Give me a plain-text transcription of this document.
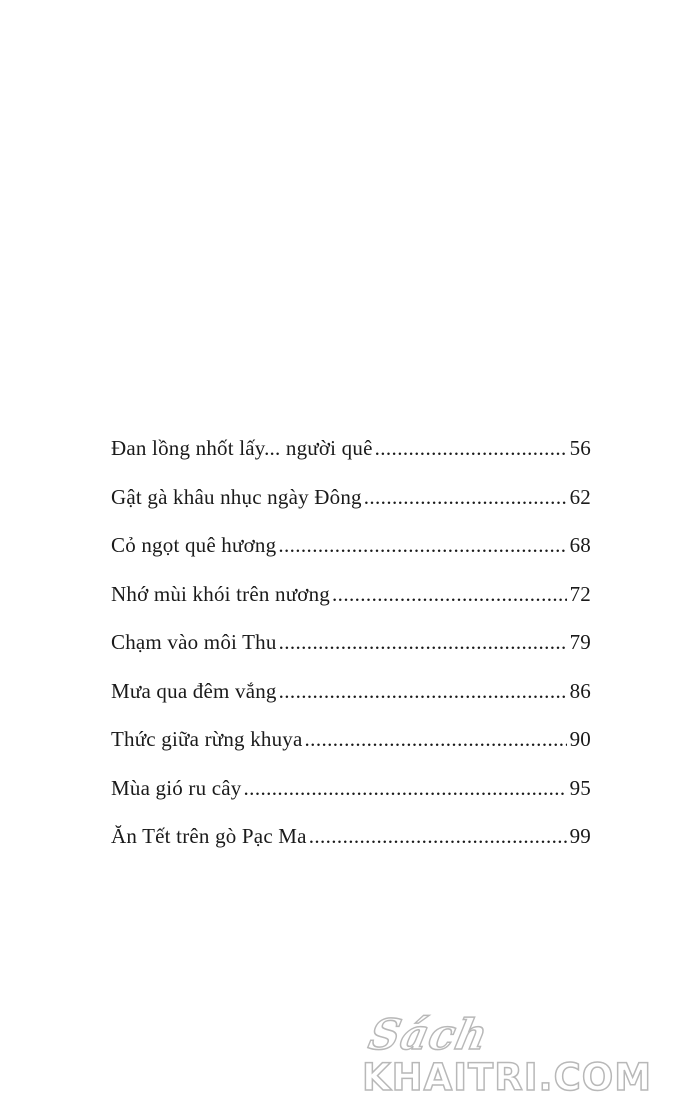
Đan lồng nhốt lấy... người quê .....	56
Gật gà khâu nhục ngày Đông .....	62
Cỏ ngọt quê hương .....	68
Nhớ mùi khói trên nương .....	72
Chạm vào môi Thu .....	79
Mưa qua đêm vắng .....	86
Thức giữa rừng khuya .....	90
Mùa gió ru cây .....	95
Ăn Tết trên gò Pạc Ma .....	99
Sách
KHAITRI.COM
